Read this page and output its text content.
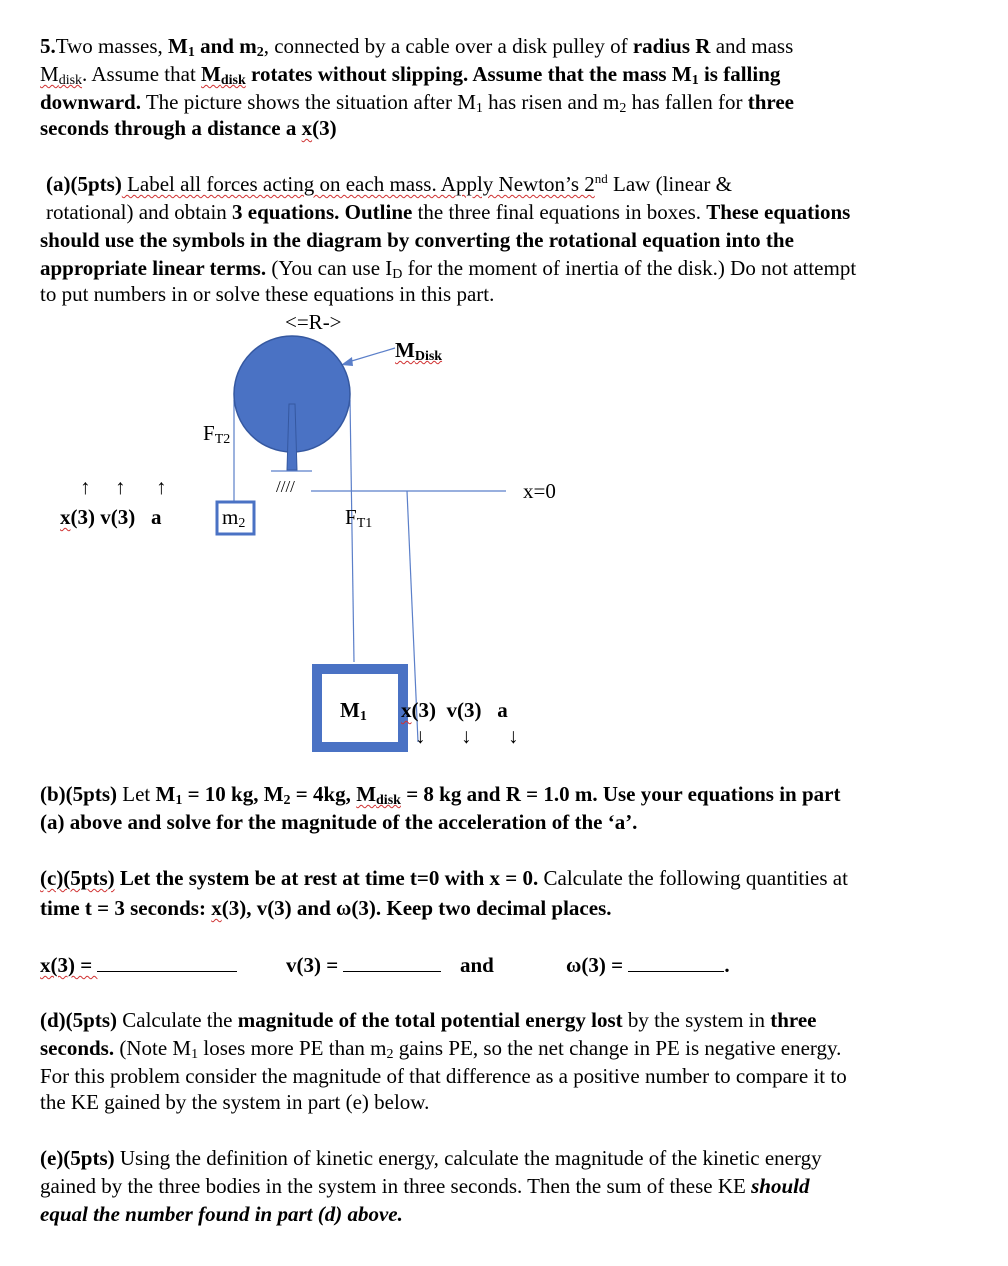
5.Two masses, $M_1$ and $m_2$, connected by a cable over a disk pulley of radius R and mass
$M_{disk}$. Assume that $M_{disk}$ rotates without slipping. Assume that the mass $M_1$ is falling
downward. The picture shows the situation after $M_1$ has risen and $m_2$ has fallen for three
seconds through a distance a x(3)
(a)(5pts) Label all forces acting on each mass. Apply Newton’s 2nd Law (linear &
rotational) and obtain 3 equations. Outline the three final equations in boxes. These equations
should use the symbols in the diagram by converting the rotational equation into the
appropriate linear terms. (You can use $I_D$ for the moment of inertia of the disk.) Do not attempt
to put numbers in or solve these equations in this part.
<=R->
$M_{Disk}$
$F_{T2}$
////	x=0
$F_{T1}$
$m_2$
$M_1$
↑ ↑ ↑
x(3) v(3) a
x(3) v(3) a
↓ ↓ ↓
(b)(5pts) Let $M_1 = 10$ kg, $M_2 = 4kg$, $M_{disk} = 8$ kg and R = 1.0 m. Use your equations in part
(a) above and solve for the magnitude of the acceleration of the ‘a’.
(c)(5pts) Let the system be at rest at time t=0 with x = 0. Calculate the following quantities at
time t = 3 seconds: x(3), v(3) and ω(3). Keep two decimal places.
x(3) =	v(3) =	and	ω(3) =	.
(d)(5pts) Calculate the magnitude of the total potential energy lost by the system in three
seconds. (Note $M_1$ loses more PE than $m_2$ gains PE, so the net change in PE is negative energy.
For this problem consider the magnitude of that difference as a positive number to compare it to
the KE gained by the system in part (e) below.
(e)(5pts) Using the definition of kinetic energy, calculate the magnitude of the kinetic energy
gained by the three bodies in the system in three seconds. Then the sum of these KE should
equal the number found in part (d) above.
